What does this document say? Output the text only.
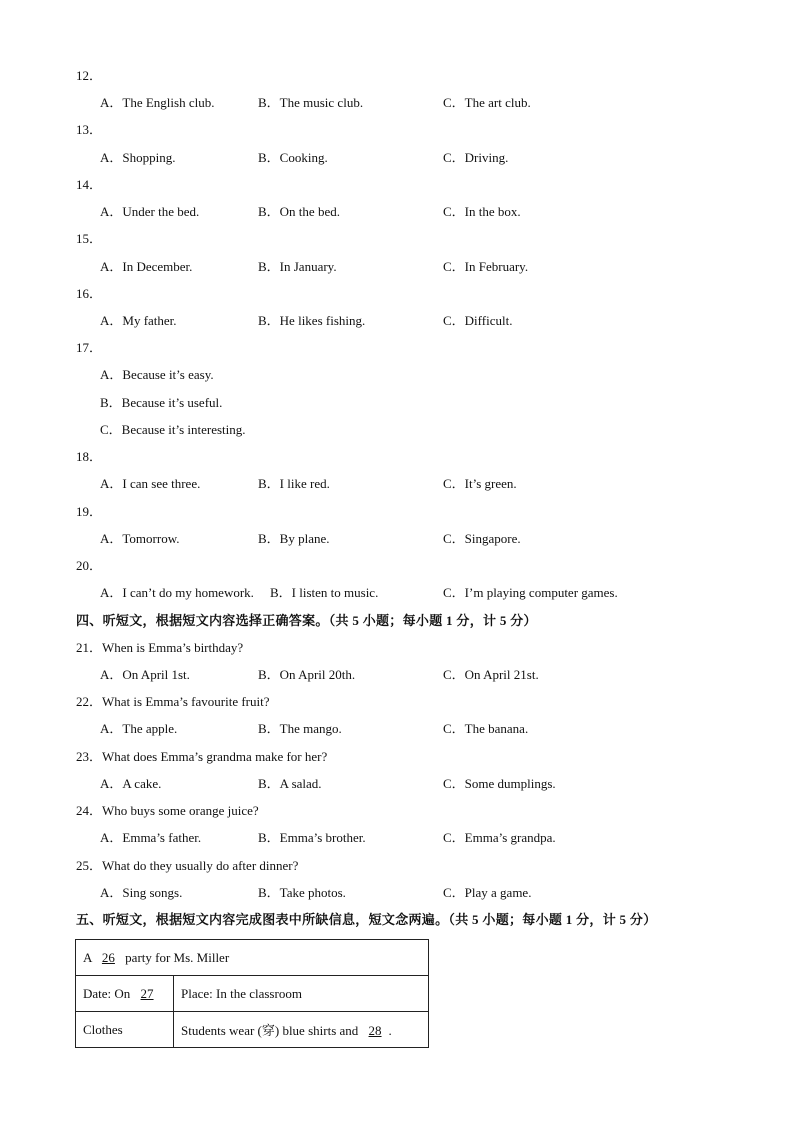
12．
A．The English club.	B．The music club.	C．The art club.
13．
A．Shopping.	B．Cooking.	C．Driving.
14．
A．Under the bed.	B．On the bed.	C．In the box.
15．
A．In December.	B．In January.	C．In February.
16．
A．My father.	B．He likes fishing.	C．Difficult.
17．
A．Because it’s easy.
B．Because it’s useful.
C．Because it’s interesting.
18．
A．I can see three.	B．I like red.	C．It’s green.
19．
A．Tomorrow.	B．By plane.	C．Singapore.
20．
A．I can’t do my homework. B．I listen to music.	C．I’m playing computer games.
四、听短文，根据短文内容选择正确答案。（共 5 小题；每小题 1 分，计 5 分）
21．When is Emma’s birthday?
A．On April 1st.	B．On April 20th.	C．On April 21st.
22．What is Emma’s favourite fruit?
A．The apple.	B．The mango.	C．The banana.
23．What does Emma’s grandma make for her?
A．A cake.	B．A salad.	C．Some dumplings.
24．Who buys some orange juice?
A．Emma’s father.	B．Emma’s brother.	C．Emma’s grandpa.
25．What do they usually do after dinner?
A．Sing songs.	B．Take photos.	C．Play a game.
五、听短文，根据短文内容完成图表中所缺信息，短文念两遍。（共 5 小题；每小题 1 分，计 5 分）
A 26 party for Ms. Miller	
Date: On 27	Place: In the classroom
Clothes	Students wear (穿) blue shirts and 28 .
